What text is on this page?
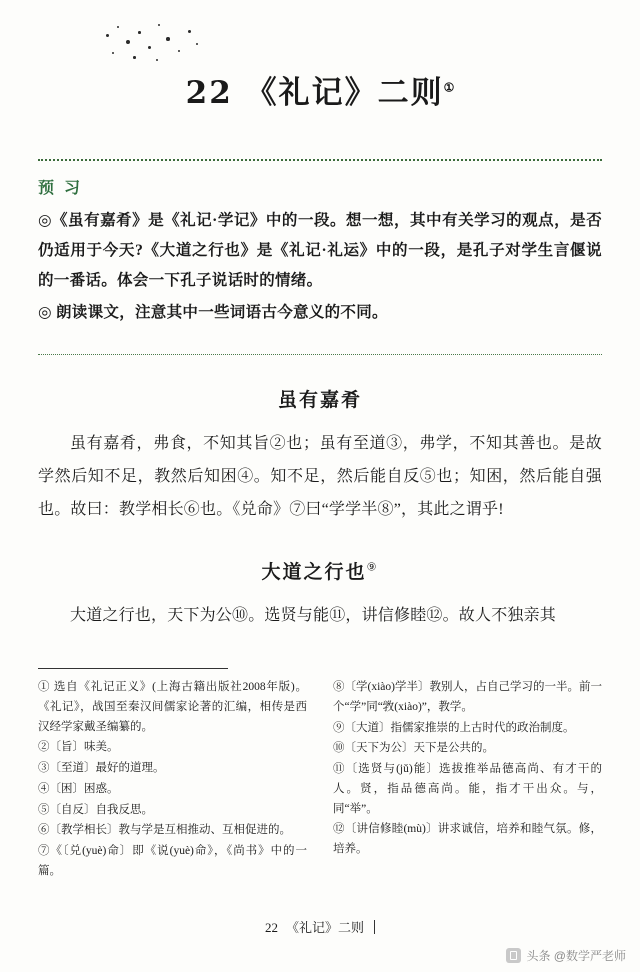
22 《礼记》二则①
预 习

◎《虽有嘉肴》是《礼记·学记》中的一段。想一想，其中有关学习的观点，是否仍适用于今天?《大道之行也》是《礼记·礼运》中的一段，是孔子对学生言偃说的一番话。体会一下孔子说话时的情绪。

◎ 朗读课文，注意其中一些词语古今意义的不同。

虽有嘉肴

虽有嘉肴，弗食，不知其旨②也；虽有至道③，弗学，不知其善也。是故学然后知不足，教然后知困④。知不足，然后能自反⑤也；知困，然后能自强也。故曰：教学相长⑥也。《兑命》⑦曰“学学半⑧”，其此之谓乎!

大道之行也⑨

大道之行也，天下为公⑩。选贤与能⑪，讲信修睦⑫。故人不独亲其

① 选自《礼记正义》(上海古籍出版社2008年版)。《礼记》，战国至秦汉间儒家论著的汇编，相传是西汉经学家戴圣编纂的。

②〔旨〕味美。

③〔至道〕最好的道理。

④〔困〕困惑。

⑤〔自反〕自我反思。

⑥〔教学相长〕教与学是互相推动、互相促进的。

⑦《〔兑(yuè)命〕即《说(yuè)命》，《尚书》中的一篇。

⑧〔学(xiào)学半〕教别人，占自己学习的一半。前一个“学”同“敩(xiào)”，教学。

⑨〔大道〕指儒家推崇的上古时代的政治制度。

⑩〔天下为公〕天下是公共的。

⑪〔选贤与(jǔ)能〕选拔推举品德高尚、有才干的人。贤，指品德高尚。能，指才干出众。与，同“举”。

⑫〔讲信修睦(mù)〕讲求诚信，培养和睦气氛。修，培养。

22 《礼记》二则
头条 @数学严老师
